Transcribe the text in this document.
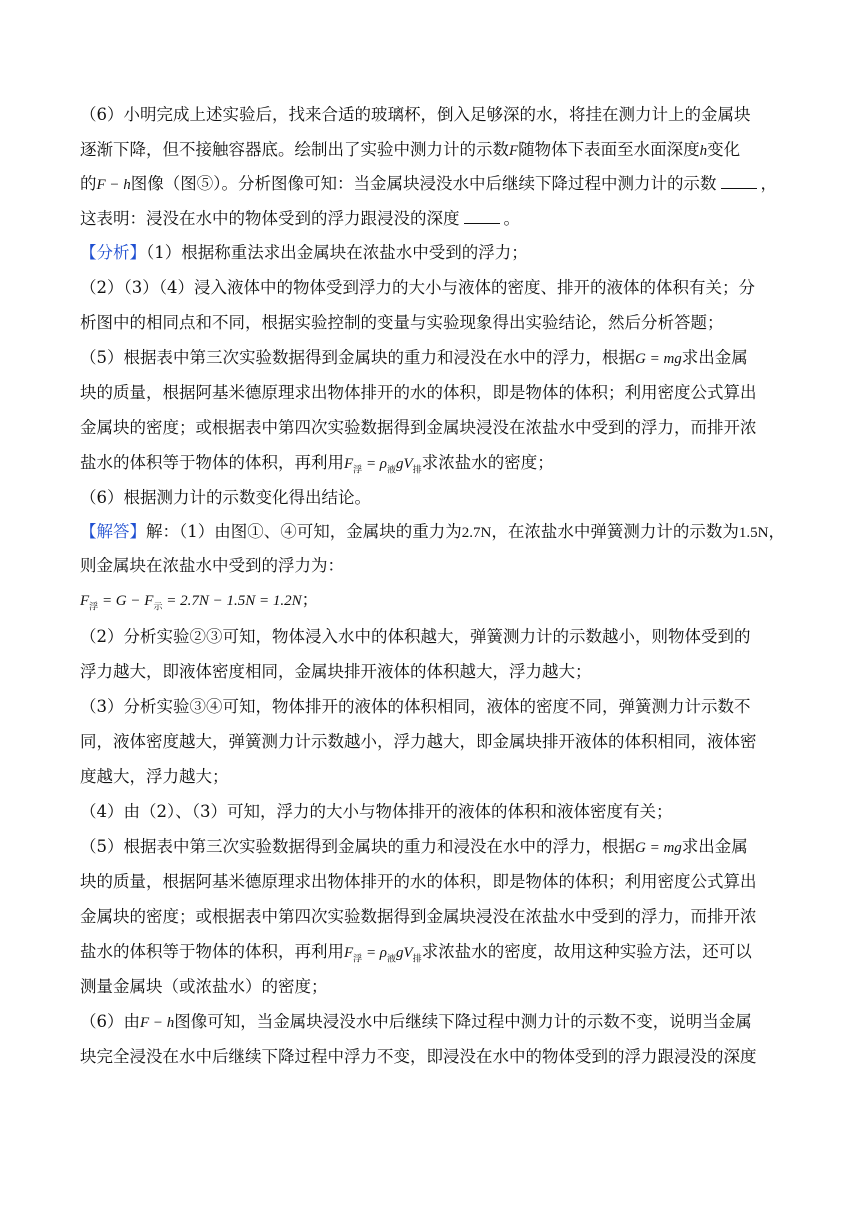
（6）小明完成上述实验后，找来合适的玻璃杯，倒入足够深的水，将挂在测力计上的金属块
逐渐下降，但不接触容器底。绘制出了实验中测力计的示数F随物体下表面至水面深度h变化
的F − h图像（图⑤）。分析图像可知：当金属块浸没水中后继续下降过程中测力计的示数	，
这表明：浸没在水中的物体受到的浮力跟浸没的深度	。
【分析】（1）根据称重法求出金属块在浓盐水中受到的浮力；
（2）（3）（4）浸入液体中的物体受到浮力的大小与液体的密度、排开的液体的体积有关；分
析图中的相同点和不同，根据实验控制的变量与实验现象得出实验结论，然后分析答题；
（5）根据表中第三次实验数据得到金属块的重力和浸没在水中的浮力，根据G = mg求出金属
块的质量，根据阿基米德原理求出物体排开的水的体积，即是物体的体积；利用密度公式算出
金属块的密度；或根据表中第四次实验数据得到金属块浸没在浓盐水中受到的浮力，而排开浓
盐水的体积等于物体的体积，再利用$F_浮 = \rho_液gV_排$求浓盐水的密度；
（6）根据测力计的示数变化得出结论。
【解答】解：（1）由图①、④可知，金属块的重力为2.7N，在浓盐水中弹簧测力计的示数为1.5N，
则金属块在浓盐水中受到的浮力为：
$F_浮 = G - F_示 = 2.7N - 1.5N = 1.2N$；
（2）分析实验②③可知，物体浸入水中的体积越大，弹簧测力计的示数越小，则物体受到的
浮力越大，即液体密度相同，金属块排开液体的体积越大，浮力越大；
（3）分析实验③④可知，物体排开的液体的体积相同，液体的密度不同，弹簧测力计示数不
同，液体密度越大，弹簧测力计示数越小，浮力越大，即金属块排开液体的体积相同，液体密
度越大，浮力越大；
（4）由（2）、（3）可知，浮力的大小与物体排开的液体的体积和液体密度有关；
（5）根据表中第三次实验数据得到金属块的重力和浸没在水中的浮力，根据G = mg求出金属
块的质量，根据阿基米德原理求出物体排开的水的体积，即是物体的体积；利用密度公式算出
金属块的密度；或根据表中第四次实验数据得到金属块浸没在浓盐水中受到的浮力，而排开浓
盐水的体积等于物体的体积，再利用$F_浮 = \rho_液gV_排$求浓盐水的密度，故用这种实验方法，还可以
测量金属块（或浓盐水）的密度；
（6）由F − h图像可知，当金属块浸没水中后继续下降过程中测力计的示数不变，说明当金属
块完全浸没在水中后继续下降过程中浮力不变，即浸没在水中的物体受到的浮力跟浸没的深度
